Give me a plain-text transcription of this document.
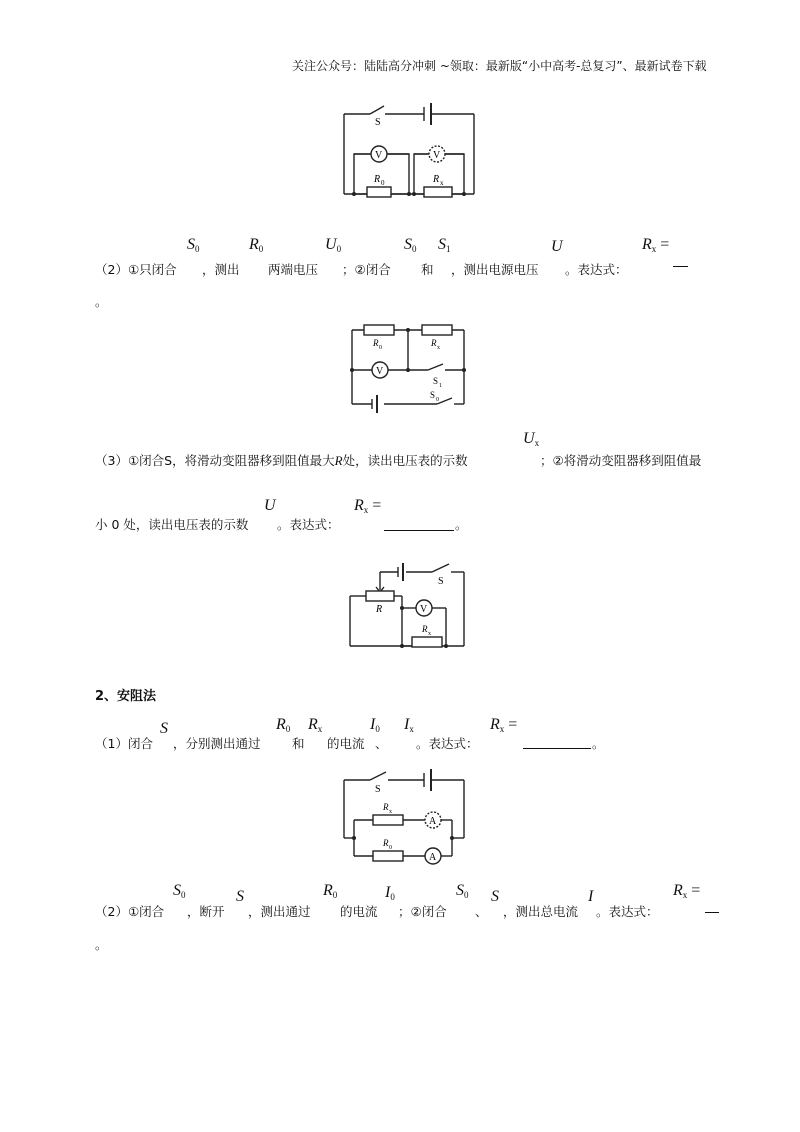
关注公众号：陆陆高分冲刺 ~领取：最新版“小中高考-总复习”、最新试卷下载
S
V	V
R 0	R x
（2）①只闭合
$S_0$
，测出
$R_0$
两端电压
$U_0$
；②闭合
$S_0$
和
$S_1$
，测出电源电压
U
。表达式：
$R_x$ =
。
V
R 0	R x
S 1
S 0
（3）①闭合S，将滑动变阻器移到阻值最大R处，读出电压表的示数
$U_x$
；②将滑动变阻器移到阻值最
小 0 处，读出电压表的示数
U
。表达式：
$R_x$ =
。
S
R	V
R x
2、安阻法
（1）闭合
S
，分别测出通过
$R_0$
和
$R_x$
的电流
$I_0$
、
$I_x$
。表达式：
$R_x$ =
。
S
R x
R 0
A
A
（2）①闭合
$S_0$
，断开
S
，测出通过
$R_0$
的电流
$I_0$
；②闭合
$S_0$
、
S
，测出总电流
I
。表达式：
$R_x$ =
。
